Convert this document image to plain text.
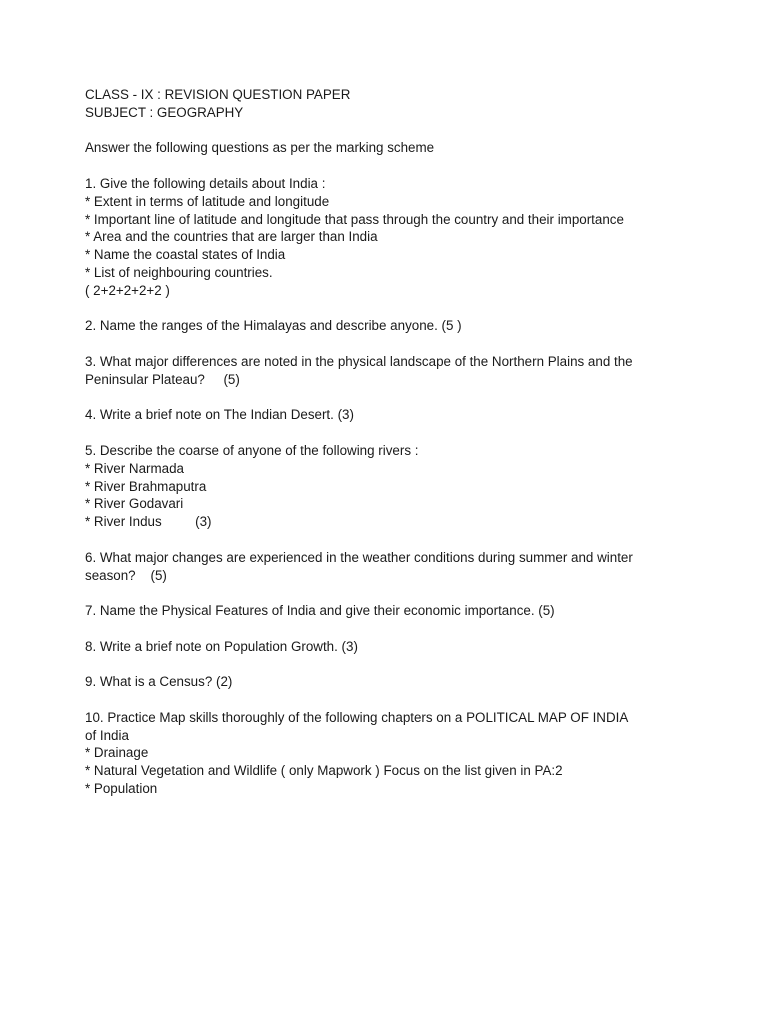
CLASS - IX : REVISION QUESTION PAPER
SUBJECT : GEOGRAPHY
Answer the following questions as per the marking scheme
1. Give the following details about India :
* Extent in terms of latitude and longitude
* Important line of latitude and longitude that pass through the country and their importance
* Area and the countries that are larger than India
* Name the coastal states of India
* List of neighbouring countries.
( 2+2+2+2+2 )
2. Name the ranges of the Himalayas and describe anyone. (5 )
3. What major differences are noted in the physical landscape of the Northern Plains and the
Peninsular Plateau?     (5)
4. Write a brief note on The Indian Desert. (3)
5. Describe the coarse of anyone of the following rivers :
* River Narmada
* River Brahmaputra
* River Godavari
* River Indus         (3)
6. What major changes are experienced in the weather conditions during summer and winter
season?    (5)
7. Name the Physical Features of India and give their economic importance. (5)
8. Write a brief note on Population Growth. (3)
9. What is a Census? (2)
10. Practice Map skills thoroughly of the following chapters on a POLITICAL MAP OF INDIA
of India
* Drainage
* Natural Vegetation and Wildlife ( only Mapwork ) Focus on the list given in PA:2
* Population
